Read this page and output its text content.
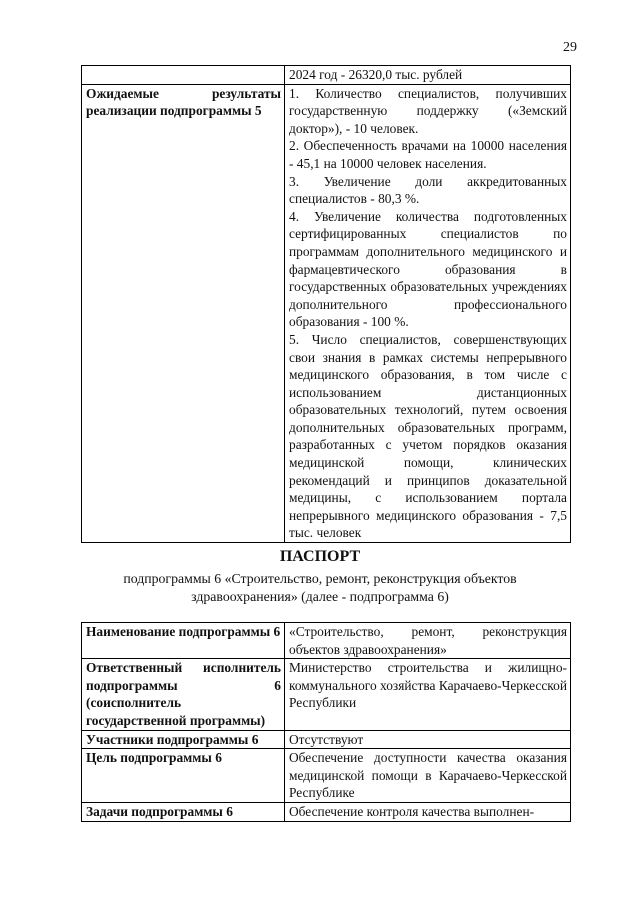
29
	2024 год - 26320,0 тыс. рублей
Ожидаемые результаты реализации подпрограммы 5	1. Количество специалистов, получивших государственную поддержку («Земский доктор»), - 10 человек.
2. Обеспеченность врачами на 10000 населения - 45,1 на 10000 человек населения.
3. Увеличение доли аккредитованных специалистов - 80,3 %.
4. Увеличение количества подготовленных сертифицированных специалистов по программам дополнительного медицинского и фармацевтического образования в государственных образовательных учреждениях дополнительного профессионального образования - 100 %.
5. Число специалистов, совершенствующих свои знания в рамках системы непрерывного медицинского образования, в том числе с использованием дистанционных образовательных технологий, путем освоения дополнительных образовательных программ, разработанных с учетом порядков оказания медицинской помощи, клинических рекомендаций и принципов доказательной медицины, с использованием портала непрерывного медицинского образования - 7,5 тыс. человек
ПАСПОРТ
подпрограммы 6 «Строительство, ремонт, реконструкция объектов здравоохранения» (далее - подпрограмма 6)
Наименование подпрограммы 6	«Строительство, ремонт, реконструкция объектов здравоохранения»
Ответственный исполнитель подпрограммы 6 (соисполнитель государственной программы)	Министерство строительства и жилищно-коммунального хозяйства Карачаево-Черкесской Республики
Участники подпрограммы 6	Отсутствуют
Цель подпрограммы 6	Обеспечение доступности качества оказания медицинской помощи в Карачаево-Черкесской Республике
Задачи подпрограммы 6	Обеспечение контроля качества выполнен-
